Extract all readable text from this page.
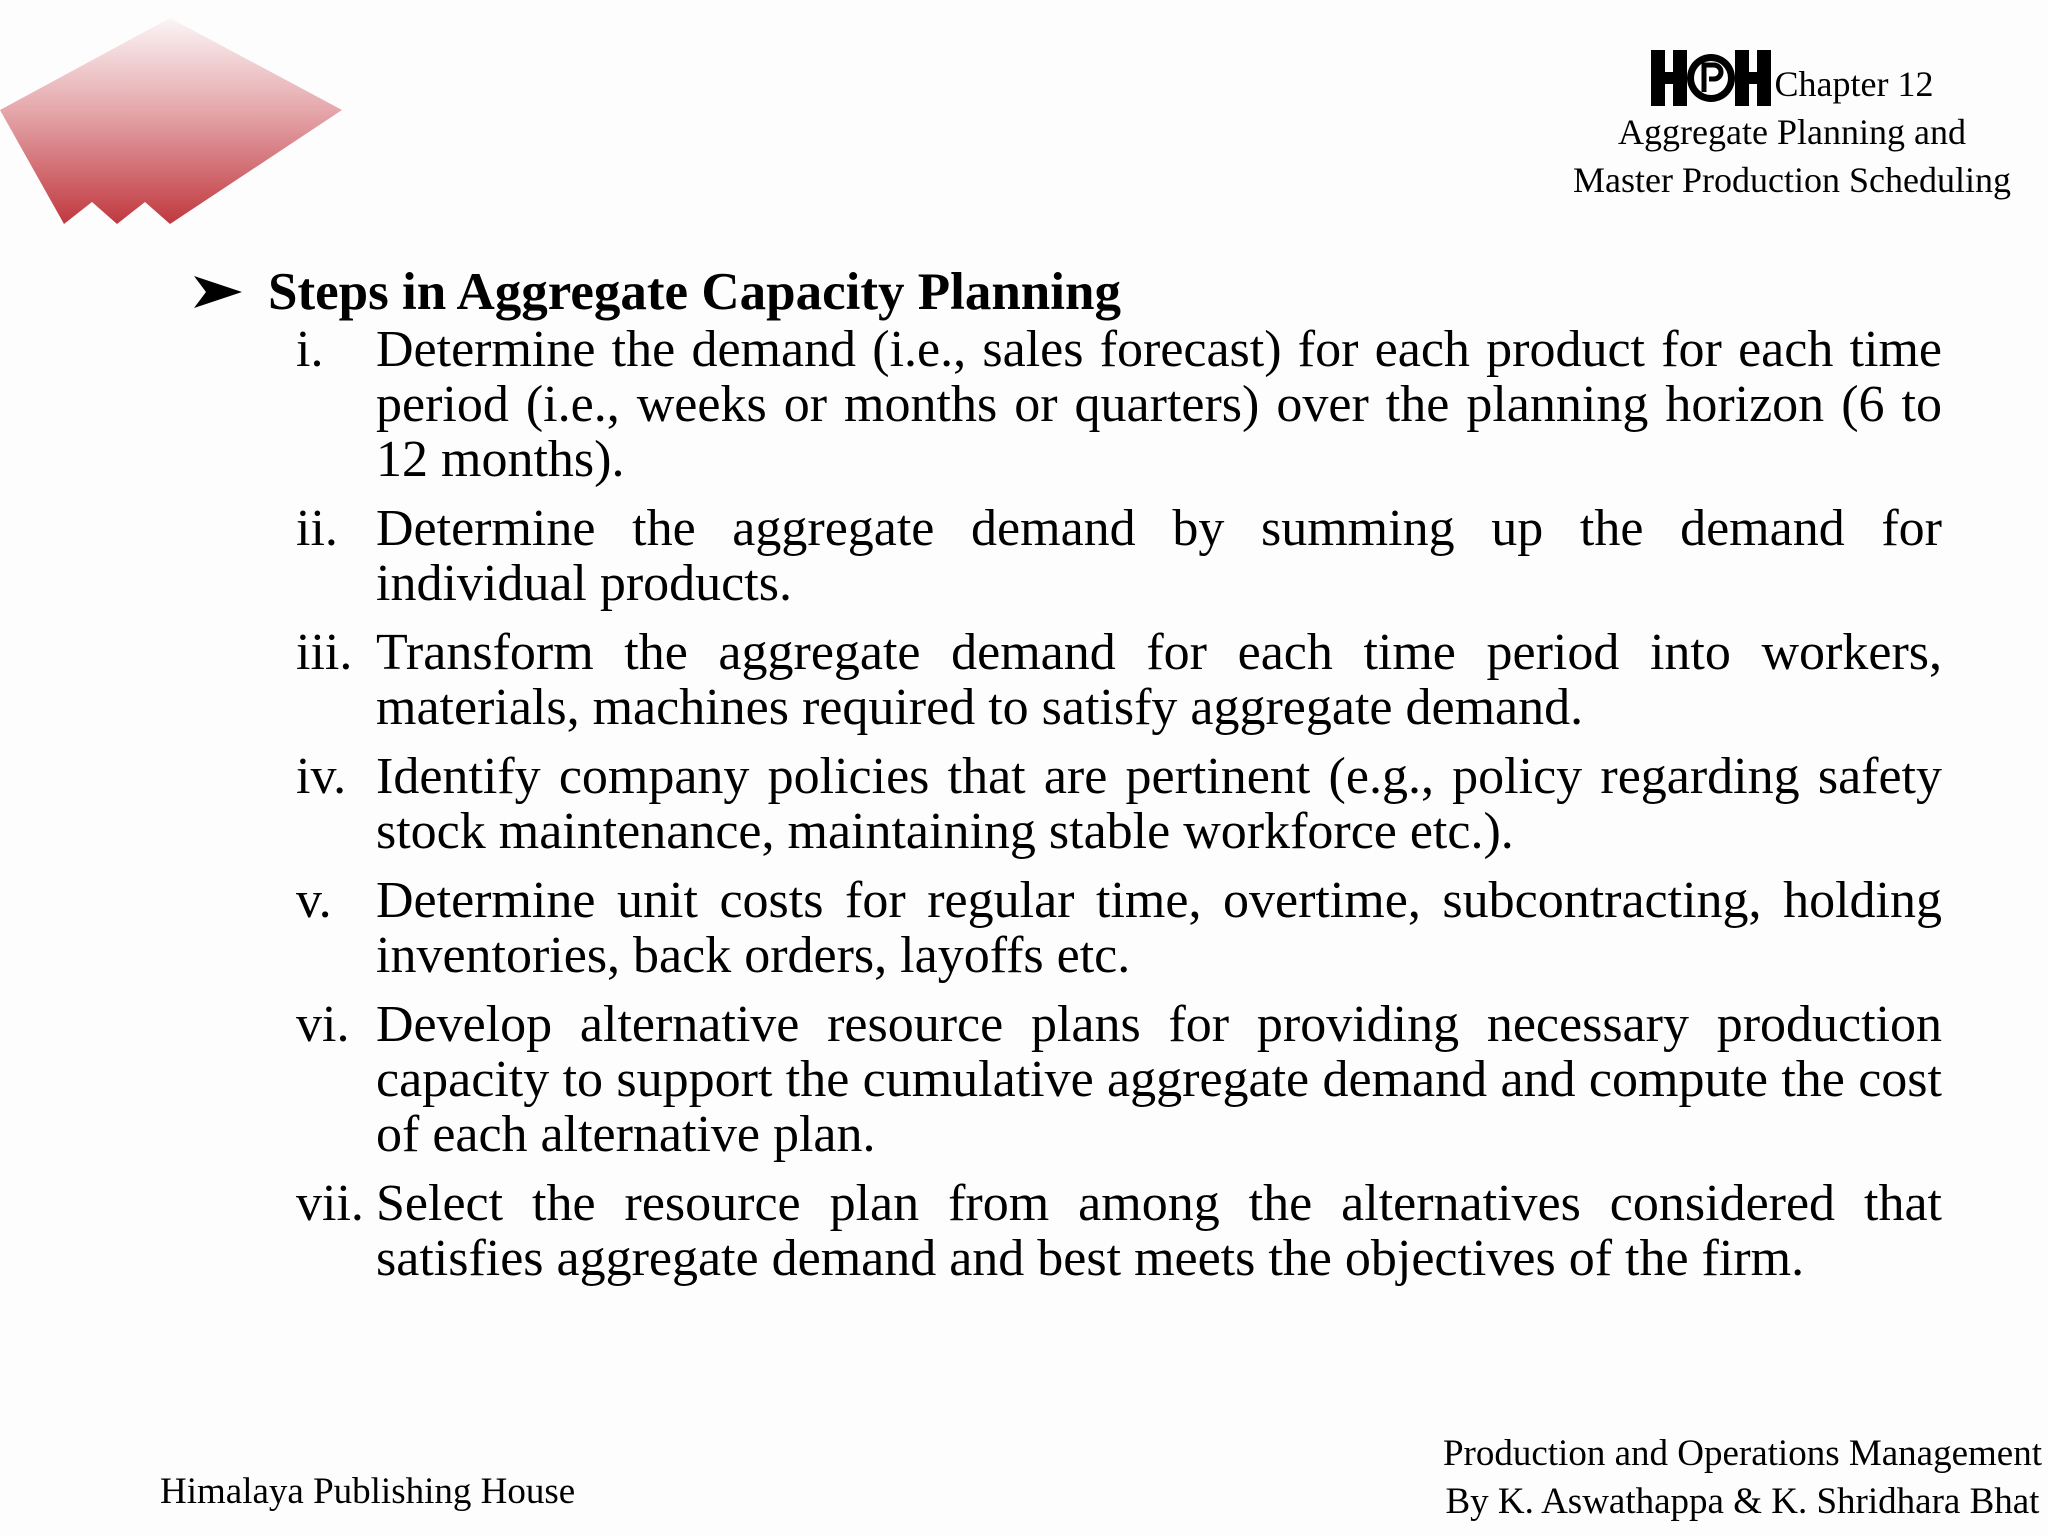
Chapter 12
Aggregate Planning and
Master Production Scheduling
Steps in Aggregate Capacity Planning
i.	Determine the demand (i.e., sales forecast) for each product for each time period (i.e., weeks or months or quarters) over the planning horizon (6 to 12 months).
ii. Determine the aggregate demand by summing up the demand for individual products.
iii. Transform the aggregate demand for each time period into workers, materials, machines required to satisfy aggregate demand.
iv. Identify company policies that are pertinent (e.g., policy regarding safety stock maintenance, maintaining stable workforce etc.).
v. Determine unit costs for regular time, overtime, subcontracting, holding inventories, back orders, layoffs etc.
vi. Develop alternative resource plans for providing necessary production capacity to support the cumulative aggregate demand and compute the cost of each alternative plan.
vii. Select the resource plan from among the alternatives considered that satisfies aggregate demand and best meets the objectives of the firm.
Himalaya Publishing House
Production and Operations Management
By K. Aswathappa & K. Shridhara Bhat
